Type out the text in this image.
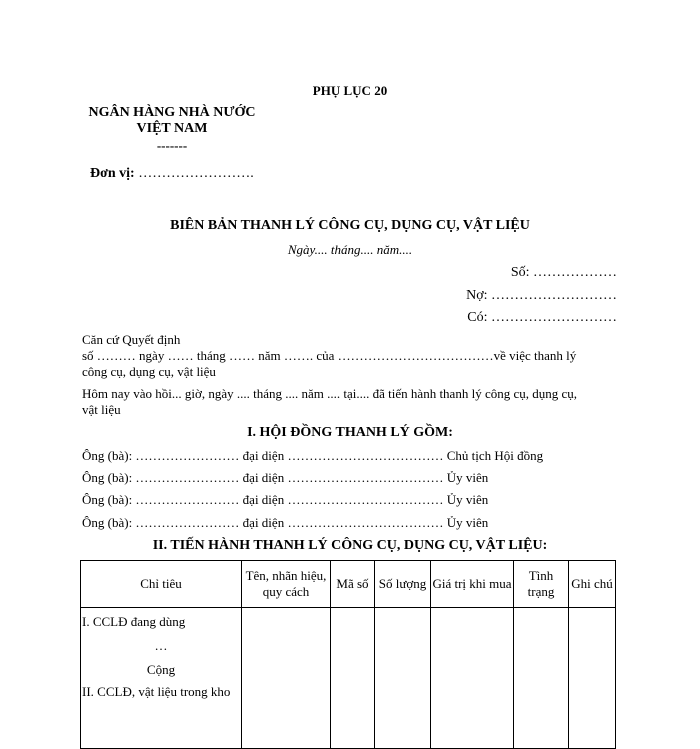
PHỤ LỤC 20
NGÂN HÀNG NHÀ NƯỚC
VIỆT NAM
-------
Đơn vị: …………………….
BIÊN BẢN THANH LÝ CÔNG CỤ, DỤNG CỤ, VẬT LIỆU
Ngày.... tháng.... năm....
Số: ………………
Nợ: ………………………
Có: ………………………
Căn cứ Quyết định
số ……… ngày …… tháng …… năm ……. của ………………………………về việc thanh lý
công cụ, dụng cụ, vật liệu
Hôm nay vào hồi... giờ, ngày .... tháng .... năm .... tại.... đã tiến hành thanh lý công cụ, dụng cụ,
vật liệu
I. HỘI ĐỒNG THANH LÝ GỒM:
Ông (bà): …………………… đại diện ……………………………… Chủ tịch Hội đồng
Ông (bà): …………………… đại diện ……………………………… Ủy viên
Ông (bà): …………………… đại diện ……………………………… Ủy viên
Ông (bà): …………………… đại diện ……………………………… Ủy viên
II. TIẾN HÀNH THANH LÝ CÔNG CỤ, DỤNG CỤ, VẬT LIỆU:
Chỉ tiêu	Tên, nhãn hiệu, quy cách	Mã số	Số lượng	Giá trị khi mua	Tình trạng	Ghi chú

I. CCLĐ đang dùng
…
Cộng
II. CCLĐ, vật liệu trong kho						
